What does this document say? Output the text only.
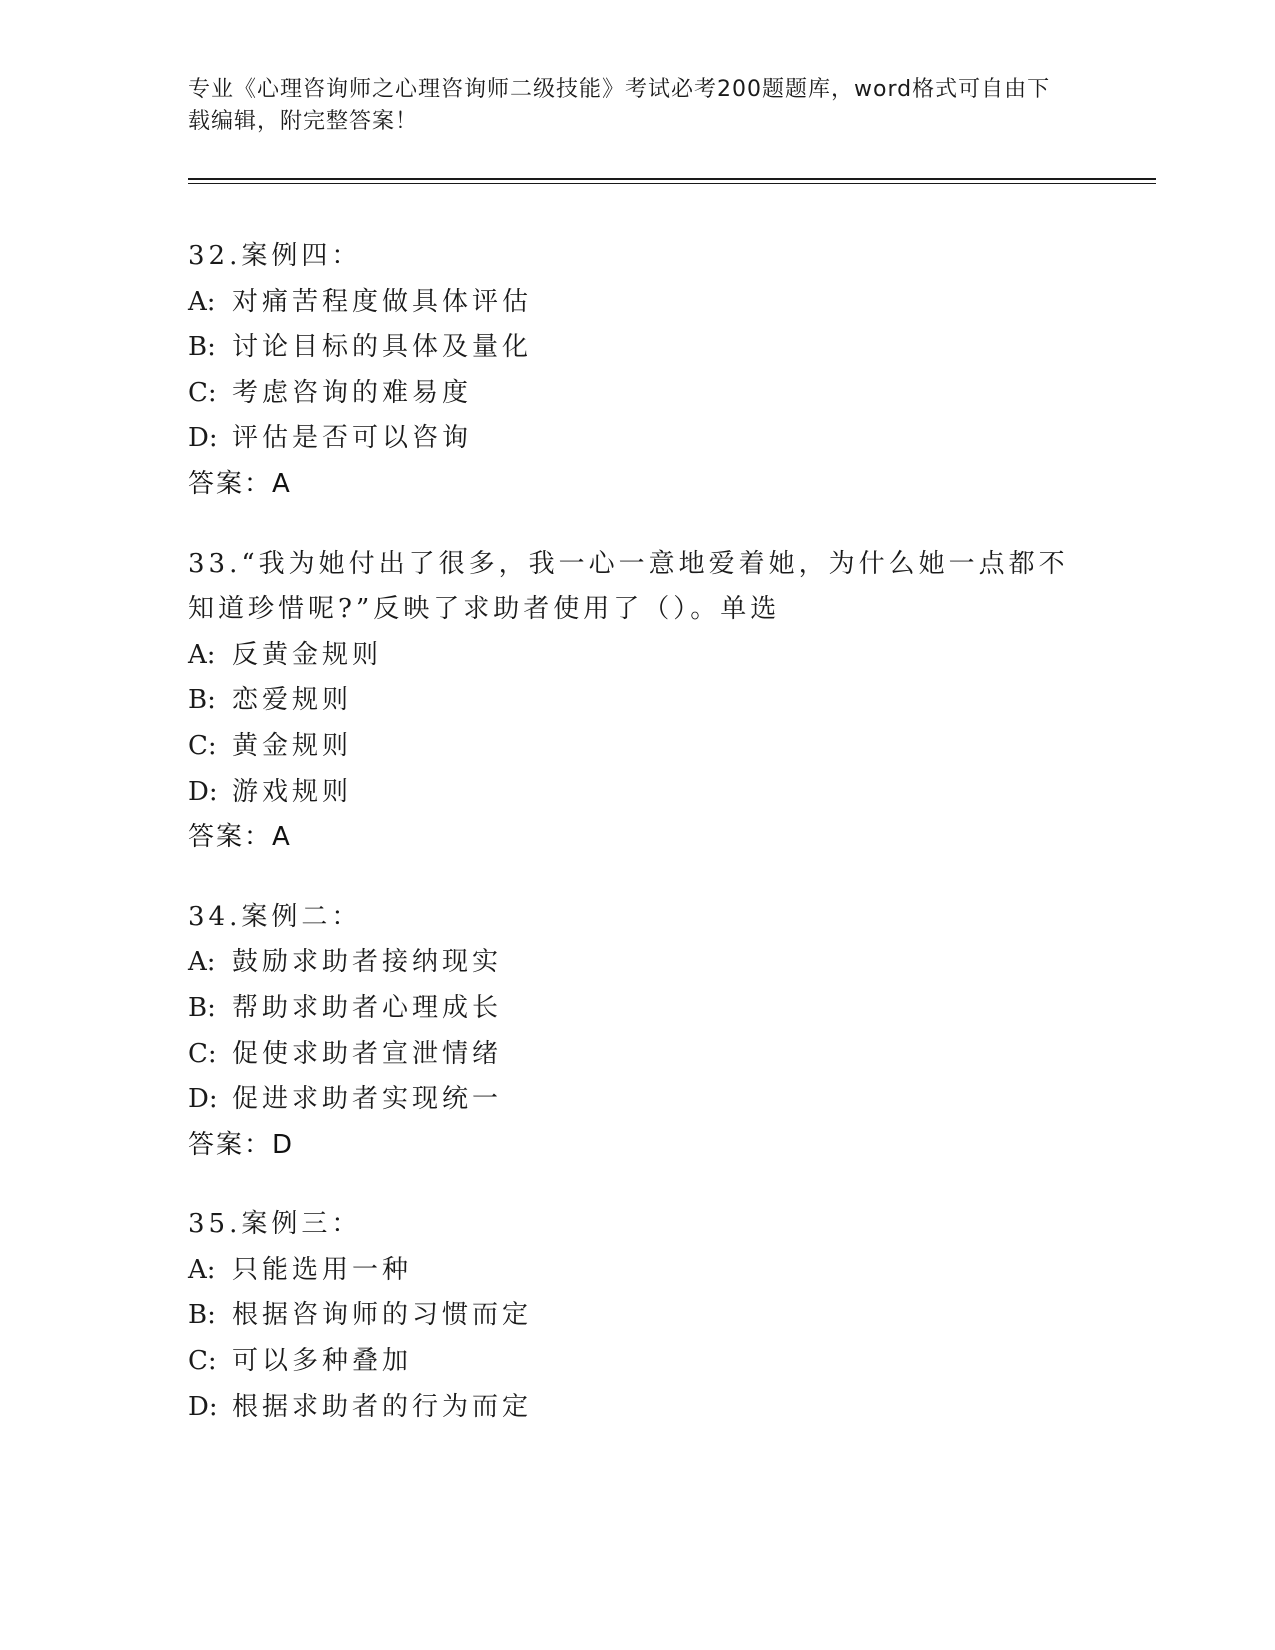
专业《心理咨询师之心理咨询师二级技能》考试必考200题题库，word格式可自由下载编辑，附完整答案！
32.案例四：
A: 对痛苦程度做具体评估
B: 讨论目标的具体及量化
C: 考虑咨询的难易度
D: 评估是否可以咨询
答案：A
33.“我为她付出了很多，我一心一意地爱着她，为什么她一点都不知道珍惜呢?”反映了求助者使用了（）。单选
A: 反黄金规则
B: 恋爱规则
C: 黄金规则
D: 游戏规则
答案：A
34.案例二：
A: 鼓励求助者接纳现实
B: 帮助求助者心理成长
C: 促使求助者宣泄情绪
D: 促进求助者实现统一
答案：D
35.案例三：
A: 只能选用一种
B: 根据咨询师的习惯而定
C: 可以多种叠加
D: 根据求助者的行为而定
